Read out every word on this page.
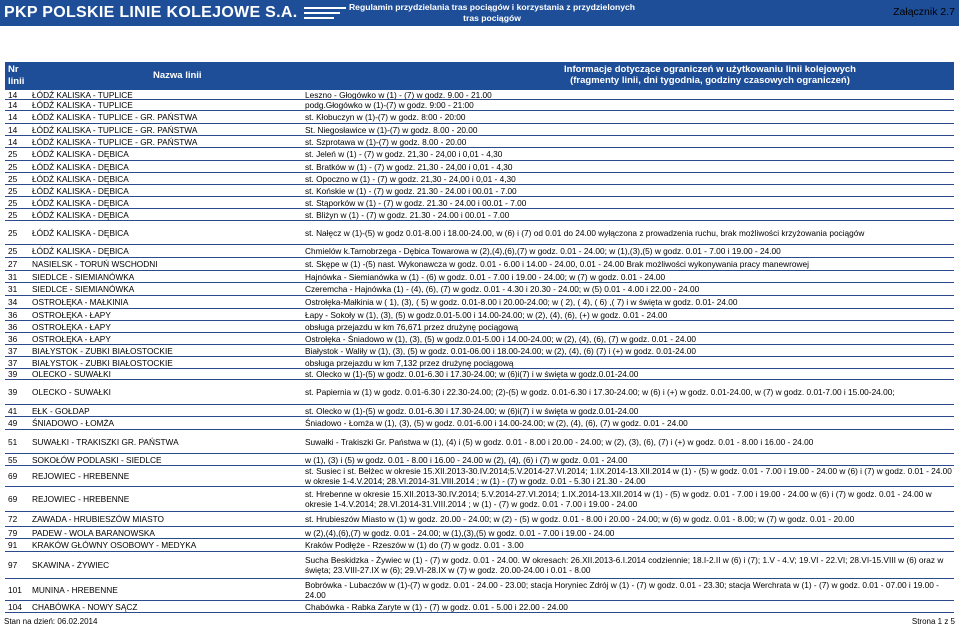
PKP POLSKIE LINIE KOLEJOWE S.A.	Regulamin przydzielania tras pociągów i korzystania z przydzielonych tras pociągów
przez licencjonowanych przewoźników kolejowych w ramach rjp 2013/2014
Załącznik 2.7
Nr
linii
Nazwa linii
Informacje dotyczące ograniczeń w użytkowaniu linii kolejowych
(fragmenty linii, dni tygodnia, godziny czasowych ograniczeń)
14	ŁÓDŹ KALISKA - TUPLICE	Leszno - Głogówko w (1) - (7) w godz. 9.00 - 21.00
14	ŁÓDŹ KALISKA - TUPLICE	podg.Głogówko w (1)-(7) w godz. 9:00 - 21:00
14	ŁÓDŹ KALISKA - TUPLICE - GR. PAŃSTWA	st. Kłobuczyn w (1)-(7) w godz. 8:00 - 20:00
14	ŁÓDŹ KALISKA - TUPLICE - GR. PAŃSTWA	St. Niegosławice w (1)-(7) w godz. 8.00 - 20.00
14	ŁÓDŹ KALISKA - TUPLICE - GR. PAŃSTWA	st. Szprotawa w (1)-(7) w godz. 8.00 - 20.00
25	ŁÓDŹ KALISKA - DĘBICA	st. Jeleń w (1) - (7) w godz. 21,30 - 24,00 i 0,01 - 4,30
25	ŁÓDŹ KALISKA - DĘBICA	st. Bratków w (1) - (7) w godz. 21,30 - 24,00 i 0,01 - 4,30
25	ŁÓDŹ KALISKA - DĘBICA	st. Opoczno w (1) - (7) w godz. 21,30 - 24,00 i 0,01 - 4,30
25	ŁÓDŹ KALISKA - DĘBICA	st. Końskie w (1) - (7) w godz. 21.30 - 24.00 i 00.01 - 7.00
25	ŁÓDŹ KALISKA - DĘBICA	st. Stąporków w (1) - (7) w godz. 21.30 - 24.00 i 00.01 - 7.00
25	ŁÓDŹ KALISKA - DĘBICA	st. Bliżyn w (1) - (7) w godz. 21.30 - 24.00 i 00.01 - 7.00
25	ŁÓDŹ KALISKA - DĘBICA	st. Nałęcz w (1)-(5) w godz 0.01-8.00 i 18.00-24.00, w (6) i (7) od 0.01 do 24.00 wyłączona z prowadzenia ruchu, brak możliwości krzyżowania pociągów
25	ŁÓDŹ KALISKA - DĘBICA	Chmielów k.Tarnobrzega - Dębica Towarowa w (2),(4),(6),(7) w godz. 0.01 - 24.00; w (1),(3),(5) w godz. 0.01 - 7.00 i 19.00 - 24.00
27	NASIELSK - TORUŃ WSCHODNI	st. Skępe w (1) -(5) nast. Wykonawcza w godz. 0.01 - 6.00 i 14.00 - 24.00, 0.01 - 24.00 Brak możliwości wykonywania pracy manewrowej
31	SIEDLCE - SIEMIANÓWKA	Hajnówka - Siemianówka w (1) - (6) w godz. 0.01 - 7.00 i 19.00 - 24.00; w (7) w godz. 0.01 - 24.00
31	SIEDLCE - SIEMIANÓWKA	Czeremcha - Hajnówka (1) - (4), (6), (7) w godz. 0.01 - 4.30 i 20.30 - 24.00; w (5) 0.01 - 4.00 i 22.00 - 24.00
34	OSTROŁĘKA - MAŁKINIA	Ostrołęka-Małkinia w ( 1), (3), ( 5) w godz. 0.01-8.00 i 20.00-24.00; w ( 2), ( 4), ( 6) ,( 7) i w święta w godz. 0.01- 24.00
36	OSTROŁĘKA - ŁAPY	Łapy - Sokoły w (1), (3), (5) w godz.0.01-5.00 i 14.00-24.00; w (2), (4), (6), (+) w godz. 0.01 - 24.00
36	OSTROŁĘKA - ŁAPY	obsługa przejazdu w km 76,671 przez drużynę pociągową
36	OSTROŁĘKA - ŁAPY	Ostrołęka - Śniadowo w (1), (3), (5) w godz.0.01-5.00 i 14.00-24.00; w (2), (4), (6), (7) w godz. 0.01 - 24.00
37	BIAŁYSTOK - ZUBKI BIAŁOSTOCKIE	Białystok - Waliły w (1), (3), (5) w godz. 0.01-06.00 i 18.00-24.00; w (2), (4), (6) (7) i (+) w godz. 0.01-24.00
37	BIAŁYSTOK - ZUBKI BIAŁOSTOCKIE	obsługa przejazdu w km 7,132 przez drużynę pociągową
39	OLECKO - SUWAŁKI	st. Olecko w (1)-(5) w godz. 0.01-6.30 i 17.30-24.00; w (6)i(7) i w święta w godz.0.01-24.00
39	OLECKO - SUWAŁKI	st. Papiernia w (1) w godz. 0.01-6.30 i 22.30-24.00; (2)-(5) w godz. 0.01-6.30 i 17.30-24.00; w (6) i (+) w godz. 0.01-24.00, w (7) w godz. 0.01-7.00 i 15.00-24.00;
41	EŁK - GOŁDAP	st. Olecko w (1)-(5) w godz. 0.01-6.30 i 17.30-24.00; w (6)i(7) i w święta w godz.0.01-24.00
49	ŚNIADOWO - ŁOMŻA	Śniadowo - Łomża w (1), (3), (5) w godz. 0.01-6.00 i 14.00-24.00; w (2), (4), (6), (7) w godz. 0.01 - 24.00
51	SUWAŁKI - TRAKISZKI GR. PAŃSTWA	Suwałki - Trakiszki Gr. Państwa w (1), (4) i (5) w godz. 0.01 - 8.00 i 20.00 - 24.00; w (2), (3), (6), (7) i (+) w godz. 0.01 - 8.00 i 16.00 - 24.00
55	SOKOŁÓW PODLASKI - SIEDLCE	w (1), (3) i (5) w godz. 0.01 - 8.00 i 16.00 - 24.00 w (2), (4), (6) i (7) w godz. 0.01 - 24.00
69	REJOWIEC - HREBENNE	st. Susiec i st. Bełżec w okresie 15.XII.2013-30.IV.2014;5.V.2014-27.VI.2014; 1.IX.2014-13.XII.2014 w (1) - (5) w godz. 0.01 - 7.00 i 19.00 - 24.00 w (6) i (7) w godz. 0.01 - 24.00 w okresie 1-4.V.2014; 28.VI.2014-31.VIII.2014 ; w (1) - (7) w godz. 0.01 - 5.30 i 21.30 - 24.00
69	REJOWIEC - HREBENNE	st. Hrebenne w okresie 15.XII.2013-30.IV.2014; 5.V.2014-27.VI.2014; 1.IX.2014-13.XII.2014 w (1) - (5) w godz. 0.01 - 7.00 i 19.00 - 24.00 w (6) i (7) w godz. 0.01 - 24.00 w okresie 1-4.V.2014; 28.VI.2014-31.VIII.2014 ; w (1) - (7) w godz. 0.01 - 7.00 i 19.00 - 24.00
72	ZAWADA - HRUBIESZÓW MIASTO	st. Hrubieszów Miasto w (1) w godz. 20.00 - 24.00; w (2) - (5) w godz. 0.01 - 8.00 i 20.00 - 24.00; w (6) w godz. 0.01 - 8.00; w (7) w godz. 0.01 - 20.00
79	PADEW - WOLA BARANOWSKA	w (2),(4),(6),(7) w godz. 0.01 - 24.00; w (1),(3),(5) w godz. 0.01 - 7.00 i 19.00 - 24.00
91	KRAKÓW GŁÓWNY OSOBOWY - MEDYKA	Kraków Podłęże - Rzeszów w (1) do (7) w godz. 0.01 - 3.00
97	SKAWINA - ŻYWIEC	Sucha Beskidzka - Żywiec w (1) - (7) w godz. 0.01 - 24.00. W okresach: 26.XII.2013-6.I.2014 codziennie; 18.I-2.II w (6) i (7); 1.V - 4.V; 19.VI - 22.VI; 28.VI-15.VIII w (6) oraz w święta; 23.VIII-27.IX w (6); 29.VI-28.IX w (7) w godz. 20.00-24.00 i 0.01 - 8.00
101	MUNINA - HREBENNE	Bobrówka - Lubaczów w (1)-(7) w godz. 0.01 - 24.00 - 23.00; stacja Horyniec Zdrój w (1) - (7) w godz. 0.01 - 23.30; stacja Werchrata w (1) - (7) w godz. 0.01 - 07.00 i 19.00 - 24.00
104	CHABÓWKA - NOWY SĄCZ	Chabówka - Rabka Zaryte w (1) - (7) w godz. 0.01 - 5.00 i 22.00 - 24.00
Stan na dzień: 06.02.2014	Strona 1 z 5
